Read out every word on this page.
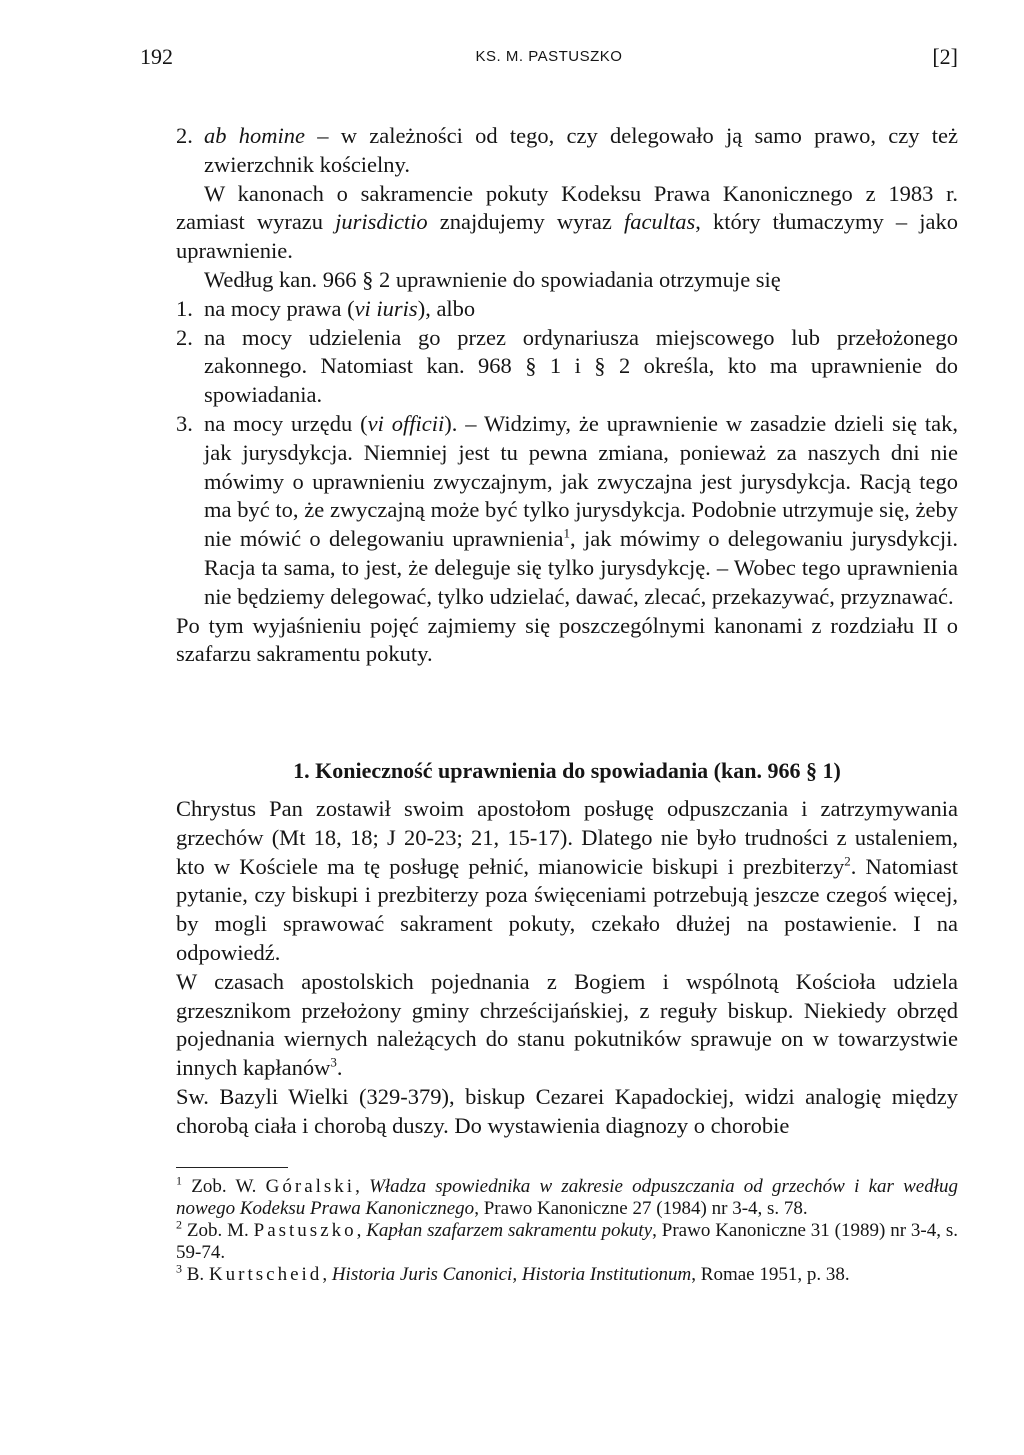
192	KS. M. PASTUSZKO	[2]
2. ab homine – w zależności od tego, czy delegowało ją samo prawo, czy też zwierzchnik kościelny.

W kanonach o sakramencie pokuty Kodeksu Prawa Kanonicznego z 1983 r. zamiast wyrazu jurisdictio znajdujemy wyraz facultas, który tłumaczymy – jako uprawnienie.

Według kan. 966 § 2 uprawnienie do spowiadania otrzymuje się

1. na mocy prawa (vi iuris), albo
2. na mocy udzielenia go przez ordynariusza miejscowego lub przełożonego zakonnego. Natomiast kan. 968 § 1 i § 2 określa, kto ma uprawnienie do spowiadania.
3. na mocy urzędu (vi officii). – Widzimy, że uprawnienie w zasadzie dzieli się tak, jak jurysdykcja. Niemniej jest tu pewna zmiana, ponieważ za naszych dni nie mówimy o uprawnieniu zwyczajnym, jak zwyczajna jest jurysdykcja. Racją tego ma być to, że zwyczajną może być tylko jurysdykcja. Podobnie utrzymuje się, żeby nie mówić o delegowaniu uprawnienia$^1$, jak mówimy o delegowaniu jurysdykcji. Racja ta sama, to jest, że deleguje się tylko jurysdykcję. – Wobec tego uprawnienia nie będziemy delegować, tylko udzielać, dawać, zlecać, przekazywać, przyznawać.

Po tym wyjaśnieniu pojęć zajmiemy się poszczególnymi kanonami z rozdziału II o szafarzu sakramentu pokuty.

1. Konieczność uprawnienia do spowiadania (kan. 966 § 1)

Chrystus Pan zostawił swoim apostołom posługę odpuszczania i zatrzymywania grzechów (Mt 18, 18; J 20-23; 21, 15-17). Dlatego nie było trudności z ustaleniem, kto w Kościele ma tę posługę pełnić, mianowicie biskupi i prezbiterzy$^2$. Natomiast pytanie, czy biskupi i prezbiterzy poza święceniami potrzebują jeszcze czegoś więcej, by mogli sprawować sakrament pokuty, czekało dłużej na postawienie. I na odpowiedź.

W czasach apostolskich pojednania z Bogiem i wspólnotą Kościoła udziela grzesznikom przełożony gminy chrześcijańskiej, z reguły biskup. Niekiedy obrzęd pojednania wiernych należących do stanu pokutników sprawuje on w towarzystwie innych kapłanów$^3$.

Sw. Bazyli Wielki (329-379), biskup Cezarei Kapadockiej, widzi analogię między chorobą ciała i chorobą duszy. Do wystawienia diagnozy o chorobie

$^1$ Zob. W. Góralski, Władza spowiednika w zakresie odpuszczania od grzechów i kar według nowego Kodeksu Prawa Kanonicznego, Prawo Kanoniczne 27 (1984) nr 3-4, s. 78.

$^2$ Zob. M. Pastuszko, Kapłan szafarzem sakramentu pokuty, Prawo Kanoniczne 31 (1989) nr 3-4, s. 59-74.

$^3$ B. Kurtscheid, Historia Juris Canonici, Historia Institutionum, Romae 1951, p. 38.
